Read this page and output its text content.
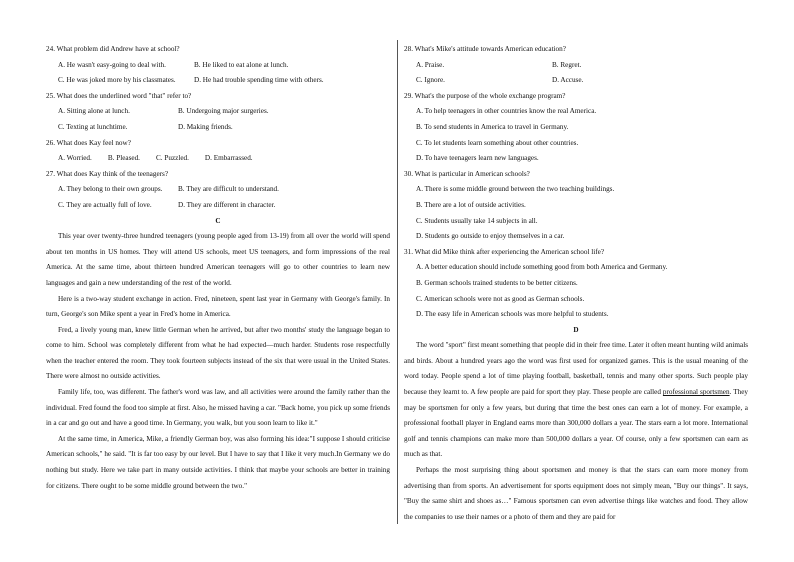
24. What problem did Andrew have at school?

A. He wasn't easy-going to deal with.	B. He liked to eat alone at lunch.
C. He was joked more by his classmates.	D. He had trouble spending time with others.

25. What does the underlined word "that" refer to?

A. Sitting alone at lunch.	B. Undergoing major surgeries.
C. Texting at lunchtime.	D. Making friends.

26. What does Kay feel now?

A. Worried. B. Pleased. C. Puzzled. D. Embarrassed.

27. What does Kay think of the teenagers?

A. They belong to their own groups.	B. They are difficult to understand.
C. They are actually full of love.	D. They are different in character.

C

This year over twenty-three hundred teenagers (young people aged from 13-19) from all over the world will spend about ten months in US homes. They will attend US schools, meet US teenagers, and form impressions of the real America. At the same time, about thirteen hundred American teenagers will go to other countries to learn new languages and gain a new understanding of the rest of the world.

Here is a two-way student exchange in action. Fred, nineteen, spent last year in Germany with George's family. In turn, George's son Mike spent a year in Fred's home in America.

Fred, a lively young man, knew little German when he arrived, but after two months' study the language began to come to him. School was completely different from what he had expected—much harder. Students rose respectfully when the teacher entered the room. They took fourteen subjects instead of the six that were usual in the United States. There were almost no outside activities.

Family life, too, was different. The father's word was law, and all activities were around the family rather than the individual. Fred found the food too simple at first. Also, he missed having a car. "Back home, you pick up some friends in a car and go out and have a good time. In Germany, you walk, but you soon learn to like it."

At the same time, in America, Mike, a friendly German boy, was also forming his idea:"I suppose I should criticise American schools," he said. "It is far too easy by our level. But I have to say that I like it very much.In Germany we do nothing but study. Here we take part in many outside activities. I think that maybe your schools are better in training for citizens. There ought to be some middle ground between the two."

28. What's Mike's attitude towards American education?

A. Praise.	B. Regret.
C. Ignore.	D. Accuse.

29. What's the purpose of the whole exchange program?

A. To help teenagers in other countries know the real America.
B. To send students in America to travel in Germany.
C. To let students learn something about other countries.
D. To have teenagers learn new languages.

30. What is particular in American schools?

A. There is some middle ground between the two teaching buildings.
B. There are a lot of outside activities.
C. Students usually take 14 subjects in all.
D. Students go outside to enjoy themselves in a car.

31. What did Mike think after experiencing the American school life?

A. A better education should include something good from both America and Germany.
B. German schools trained students to be better citizens.
C. American schools were not as good as German schools.
D. The easy life in American schools was more helpful to students.

D

The word "sport" first meant something that people did in their free time. Later it often meant hunting wild animals and birds. About a hundred years ago the word was first used for organized games. This is the usual meaning of the word today. People spend a lot of time playing football, basketball, tennis and many other sports. Such people play because they learnt to. A few people are paid for sport they play. These people are called professional sportsmen. They may be sportsmen for only a few years, but during that time the best ones can earn a lot of money. For example, a professional football player in England earns more than 300,000 dollars a year. The stars earn a lot more. International golf and tennis champions can make more than 500,000 dollars a year. Of course, only a few sportsmen can earn as much as that.

Perhaps the most surprising thing about sportsmen and money is that the stars can earn more money from advertising than from sports. An advertisement for sports equipment does not simply mean, "Buy our things". It says, "Buy the same shirt and shoes as…" Famous sportsmen can even advertise things like watches and food. They allow the companies to use their names or a photo of them and they are paid for
